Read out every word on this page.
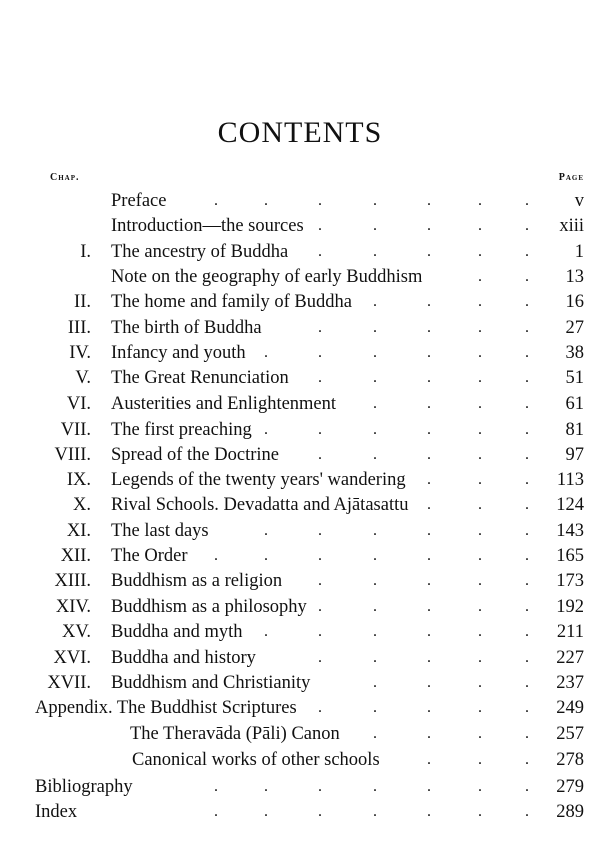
CONTENTS
Chap.	Page
Preface	v
.	.	.	.	.	.	.
Introduction—the sources	xiii
.	.	.	.	.
I. The ancestry of Buddha	1
.	.	.	.	.
Note on the geography of early Buddhism	13
.	.
II. The home and family of Buddha	16
.	.	.	.
III. The birth of Buddha	27
.	.	.	.	.
IV. Infancy and youth	38
.	.	.	.	.	.
V. The Great Renunciation	51
.	.	.	.	.
VI. Austerities and Enlightenment	61
.	.	.	.
VII. The first preaching	81
.	.	.	.	.	.
VIII. Spread of the Doctrine	97
.	.	.	.	.
IX. Legends of the twenty years' wandering	113
.	.	.
X. Rival Schools. Devadatta and Ajātasattu	124
.	.	.
XI. The last days	143
.	.	.	.	.	.
XII. The Order	165
.	.	.	.	.	.	.
XIII. Buddhism as a religion	173
.	.	.	.	.
XIV. Buddhism as a philosophy	192
.	.	.	.	.
XV. Buddha and myth	211
.	.	.	.	.	.
XVI. Buddha and history	227
.	.	.	.	.
XVII. Buddhism and Christianity	237
.	.	.	.
Appendix. The Buddhist Scriptures	249
.	.	.	.	.
The Theravāda (Pāli) Canon	257
.	.	.	.
Canonical works of other schools	278
.	.	.
Bibliography	279
.	.	.	.	.	.	.
Index	289
.	.	.	.	.	.	.
